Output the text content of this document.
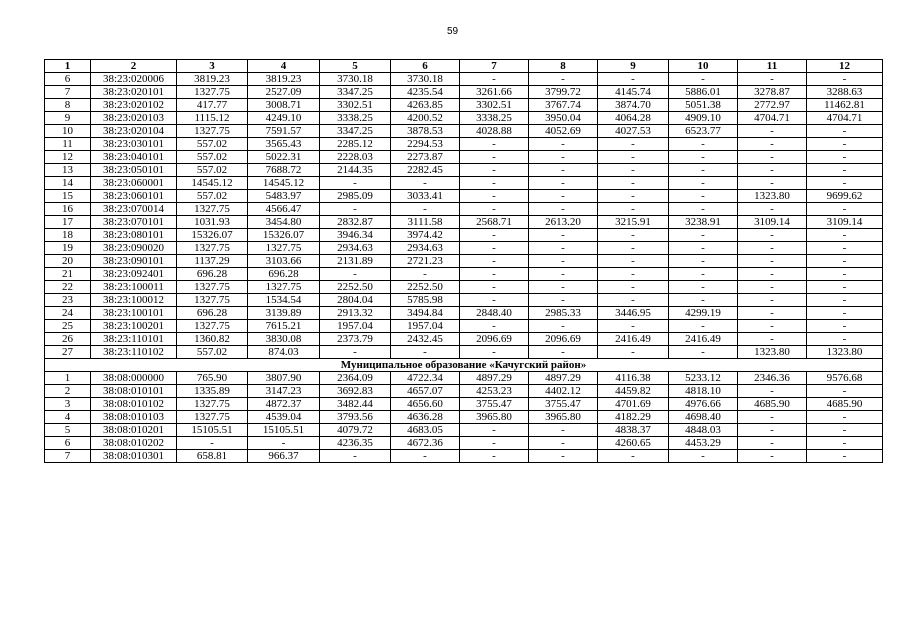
59
1	2	3	4	5	6	7	8	9	10	11	12
6	38:23:020006	3819.23	3819.23	3730.18	3730.18	-	-	-	-	-	-
7	38:23:020101	1327.75	2527.09	3347.25	4235.54	3261.66	3799.72	4145.74	5886.01	3278.87	3288.63
8	38:23:020102	417.77	3008.71	3302.51	4263.85	3302.51	3767.74	3874.70	5051.38	2772.97	11462.81
9	38:23:020103	1115.12	4249.10	3338.25	4200.52	3338.25	3950.04	4064.28	4909.10	4704.71	4704.71
10	38:23:020104	1327.75	7591.57	3347.25	3878.53	4028.88	4052.69	4027.53	6523.77	-	-
11	38:23:030101	557.02	3565.43	2285.12	2294.53	-	-	-	-	-	-
12	38:23:040101	557.02	5022.31	2228.03	2273.87	-	-	-	-	-	-
13	38:23:050101	557.02	7688.72	2144.35	2282.45	-	-	-	-	-	-
14	38:23:060001	14545.12	14545.12	-	-	-	-	-	-	-	-
15	38:23:060101	557.02	5483.97	2985.09	3033.41	-	-	-	-	1323.80	9699.62
16	38:23:070014	1327.75	4566.47	-	-	-	-	-	-	-	-
17	38:23:070101	1031.93	3454.80	2832.87	3111.58	2568.71	2613.20	3215.91	3238.91	3109.14	3109.14
18	38:23:080101	15326.07	15326.07	3946.34	3974.42	-	-	-	-	-	-
19	38:23:090020	1327.75	1327.75	2934.63	2934.63	-	-	-	-	-	-
20	38:23:090101	1137.29	3103.66	2131.89	2721.23	-	-	-	-	-	-
21	38:23:092401	696.28	696.28	-	-	-	-	-	-	-	-
22	38:23:100011	1327.75	1327.75	2252.50	2252.50	-	-	-	-	-	-
23	38:23:100012	1327.75	1534.54	2804.04	5785.98	-	-	-	-	-	-
24	38:23:100101	696.28	3139.89	2913.32	3494.84	2848.40	2985.33	3446.95	4299.19	-	-
25	38:23:100201	1327.75	7615.21	1957.04	1957.04	-	-	-	-	-	-
26	38:23:110101	1360.82	3830.08	2373.79	2432.45	2096.69	2096.69	2416.49	2416.49	-	-
27	38:23:110102	557.02	874.03	-	-	-	-	-	-	1323.80	1323.80
Муниципальное образование «Качугский район»											
1	38:08:000000	765.90	3807.90	2364.09	4722.34	4897.29	4897.29	4116.38	5233.12	2346.36	9576.68
2	38:08:010101	1335.89	3147.23	3692.83	4657.07	4253.23	4402.12	4459.82	4818.10	-	-
3	38:08:010102	1327.75	4872.37	3482.44	4656.60	3755.47	3755.47	4701.69	4976.66	4685.90	4685.90
4	38:08:010103	1327.75	4539.04	3793.56	4636.28	3965.80	3965.80	4182.29	4698.40	-	-
5	38:08:010201	15105.51	15105.51	4079.72	4683.05	-	-	4838.37	4848.03	-	-
6	38:08:010202	-	-	4236.35	4672.36	-	-	4260.65	4453.29	-	-
7	38:08:010301	658.81	966.37	-	-	-	-	-	-	-	-
